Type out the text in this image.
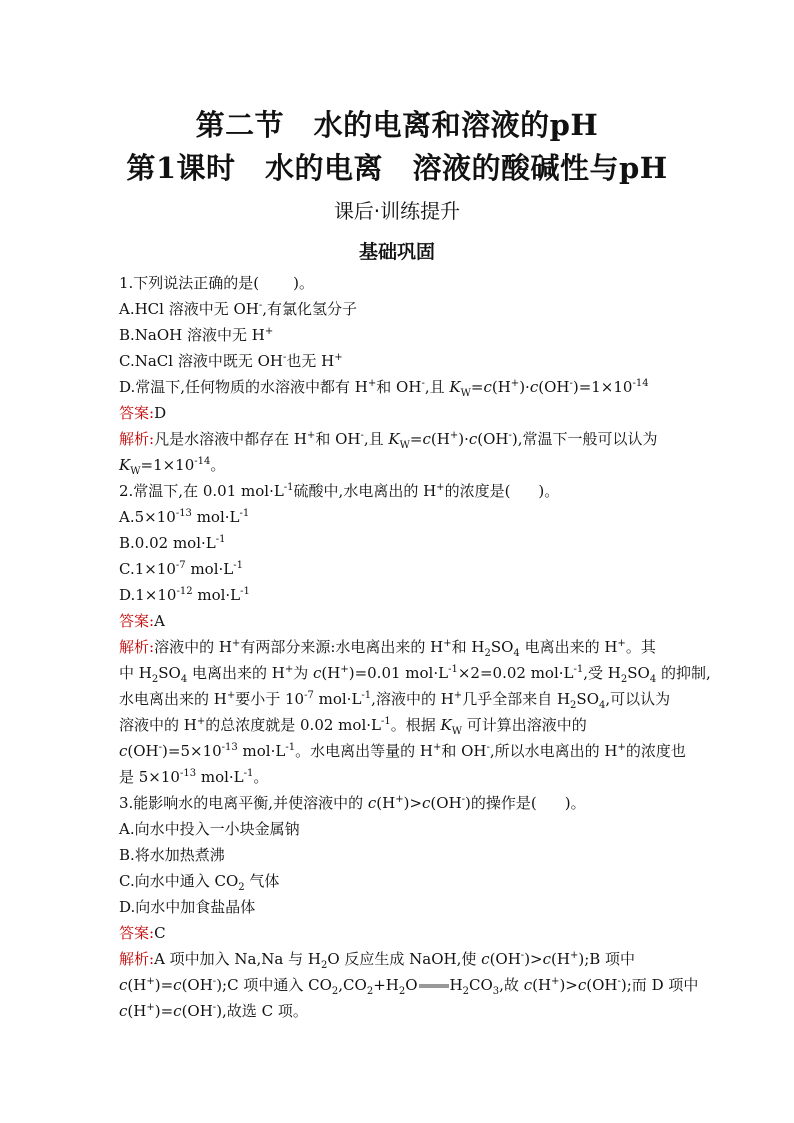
第二节　水的电离和溶液的pH
第1课时　水的电离　溶液的酸碱性与pH
课后·训练提升
基础巩固
1.下列说法正确的是( )。
A.HCl 溶液中无 OH-,有氯化氢分子
B.NaOH 溶液中无 H+
C.NaCl 溶液中既无 OH-也无 H+
D.常温下,任何物质的水溶液中都有 H+和 OH-,且 $K_W=c(H^+)\cdot c(OH^-)=1\times 10^{-14}$
答案:D
解析:凡是水溶液中都存在 H+和 OH-,且 $K_W=c(H^+)\cdot c(OH^-)$,常温下一般可以认为
$K_W=1\times 10^{-14}$。
2.常温下,在 0.01 $mol\cdot L^{-1}$硫酸中,水电离出的 H+的浓度是( )。
$A.5\times 10^{-13}$ $mol\cdot L^{-1}$
B.0.02 $mol\cdot L^{-1}$
$C.1\times 10^{-7}$ $mol\cdot L^{-1}$
$D.1\times 10^{-12}$ $mol\cdot L^{-1}$
答案:A
解析:溶液中的 H+有两部分来源:水电离出来的 H+和 $H_2SO_4$ 电离出来的 H+。其
中 $H_2SO_4$ 电离出来的 H+为 c(H+)=0.01 $mol\cdot L^{-1}\times 2=0.02$ $mol\cdot L^{-1}$,受 $H_2SO_4$ 的抑制,
水电离出来的 H+要小于 $10^{-7}$ $mol\cdot L^{-1}$,溶液中的 H+几乎全部来自 $H_2SO_4$,可以认为
溶液中的 H+的总浓度就是 0.02 $mol\cdot L^{-1}$。根据 $K_W$ 可计算出溶液中的
$c(OH^-)=5\times 10^{-13}$ $mol\cdot L^{-1}$。水电离出等量的 H+和 OH-,所以水电离出的 H+的浓度也
是 $5\times 10^{-13}$ $mol\cdot L^{-1}$。
3.能影响水的电离平衡,并使溶液中的 c(H+)>c(OH-)的操作是( )。
A.向水中投入一小块金属钠
B.将水加热煮沸
C.向水中通入 $CO_2$ 气体
D.向水中加食盐晶体
答案:C
解析:A 项中加入 Na,Na 与 $H_2O$ 反应生成 NaOH,使 c(OH-)>c(H+);B 项中
c(H+)=c(OH-);C 项中通入 $CO_2,CO_2+H_2O$ $H_2CO_3$,故 c(H+)>c(OH-);而 D 项中
c(H+)=c(OH-),故选 C 项。
